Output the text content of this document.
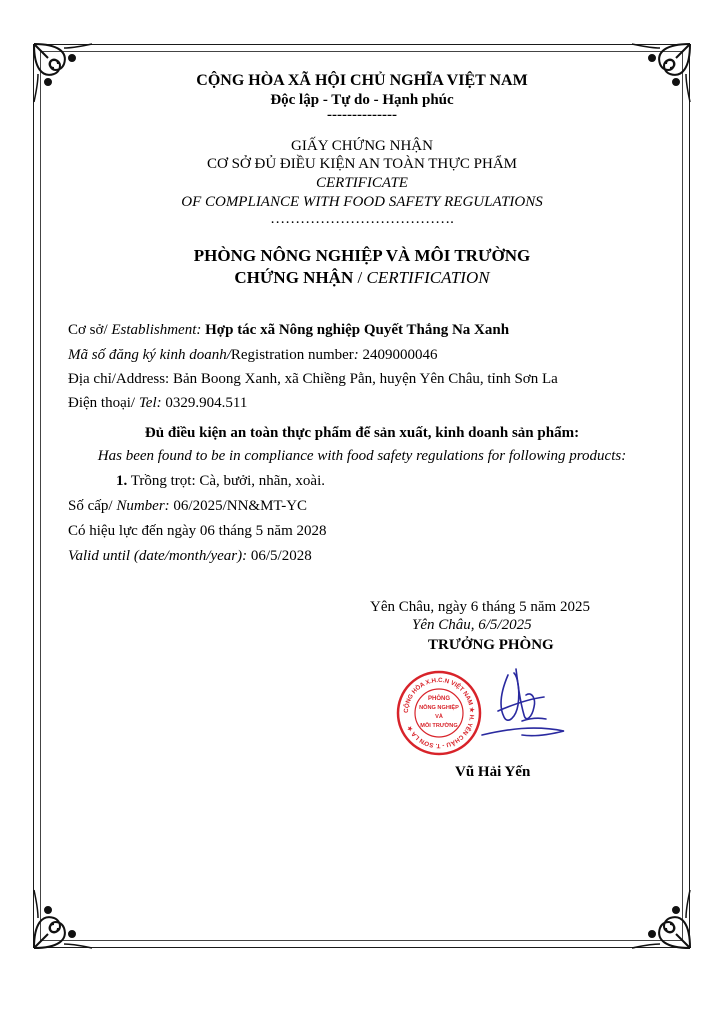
CỘNG HÒA XÃ HỘI CHỦ NGHĨA VIỆT NAM
Độc lập - Tự do - Hạnh phúc
--------------
GIẤY CHỨNG NHẬN
CƠ SỞ ĐỦ ĐIỀU KIỆN AN TOÀN THỰC PHẨM
CERTIFICATE
OF COMPLIANCE WITH FOOD SAFETY REGULATIONS
……………………………….
PHÒNG NÔNG NGHIỆP VÀ MÔI TRƯỜNG
CHỨNG NHẬN / CERTIFICATION
Cơ sở/ Establishment: Hợp tác xã Nông nghiệp Quyết Thắng Na Xanh
Mã số đăng ký kinh doanh/Registration number: 2409000046
Địa chỉ/Address: Bản Boong Xanh, xã Chiềng Pằn, huyện Yên Châu, tỉnh Sơn La
Điện thoại/ Tel: 0329.904.511
Đủ điều kiện an toàn thực phẩm để sản xuất, kinh doanh sản phẩm:
Has been found to be in compliance with food safety regulations for following products:
1. Trồng trọt: Cà, bưởi, nhãn, xoài.
Số cấp/ Number: 06/2025/NN&MT-YC
Có hiệu lực đến ngày 06 tháng 5 năm 2028
Valid until (date/month/year): 06/5/2028
Yên Châu, ngày 6 tháng 5 năm 2025
Yên Châu, 6/5/2025
TRƯỞNG PHÒNG
CỘNG HÒA X.H.C.N VIỆT NAM ★ H. YÊN CHÂU - T. SƠN LA ★
PHÒNG
NÔNG NGHIỆP
VÀ
MÔI TRƯỜNG
Vũ Hải Yến
